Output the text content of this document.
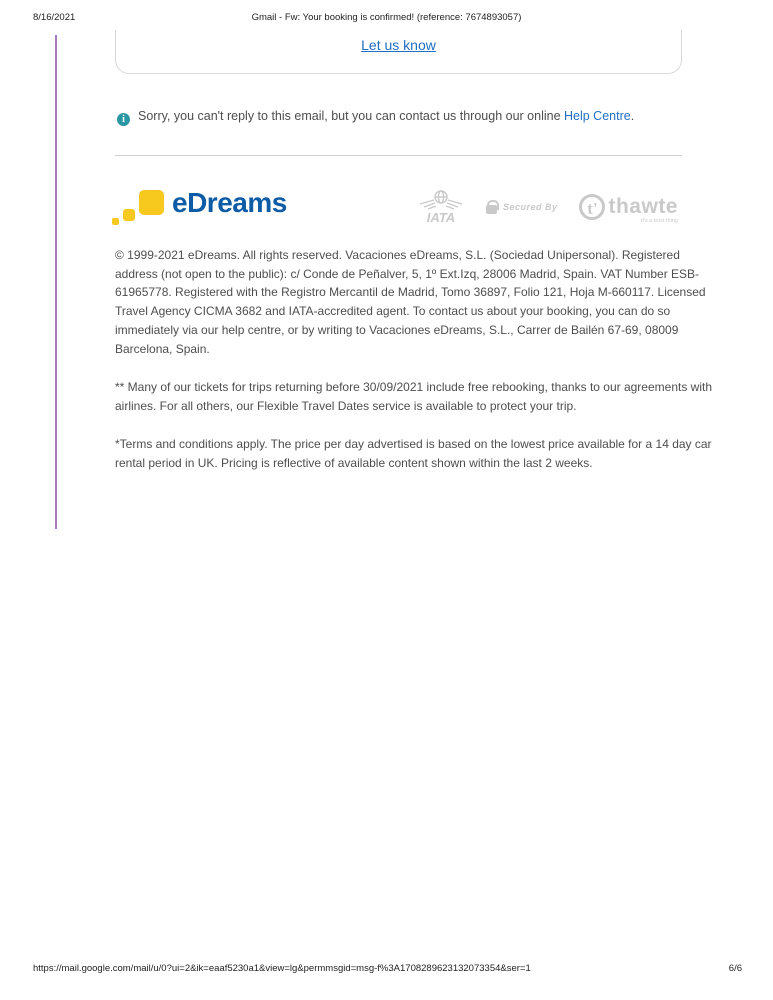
8/16/2021	Gmail - Fw: Your booking is confirmed! (reference: 7674893057)
Let us know
i Sorry, you can't reply to this email, but you can contact us through our online Help Centre.
eDreams	IATA
Secured By	t' thawte
it's a trust thing
© 1999-2021 eDreams. All rights reserved. Vacaciones eDreams, S.L. (Sociedad Unipersonal). Registered
address (not open to the public): c/ Conde de Peñalver, 5, 1º Ext.Izq, 28006 Madrid, Spain. VAT Number ESB-
61965778. Registered with the Registro Mercantil de Madrid, Tomo 36897, Folio 121, Hoja M-660117. Licensed
Travel Agency CICMA 3682 and IATA-accredited agent. To contact us about your booking, you can do so
immediately via our help centre, or by writing to Vacaciones eDreams, S.L., Carrer de Bailén 67-69, 08009
Barcelona, Spain.
** Many of our tickets for trips returning before 30/09/2021 include free rebooking, thanks to our agreements with
airlines. For all others, our Flexible Travel Dates service is available to protect your trip.
*Terms and conditions apply. The price per day advertised is based on the lowest price available for a 14 day car
rental period in UK. Pricing is reflective of available content shown within the last 2 weeks.
https://mail.google.com/mail/u/0?ui=2&ik=eaaf5230a1&view=lg&permmsgid=msg-f%3A1708289623132073354&ser=1	6/6
